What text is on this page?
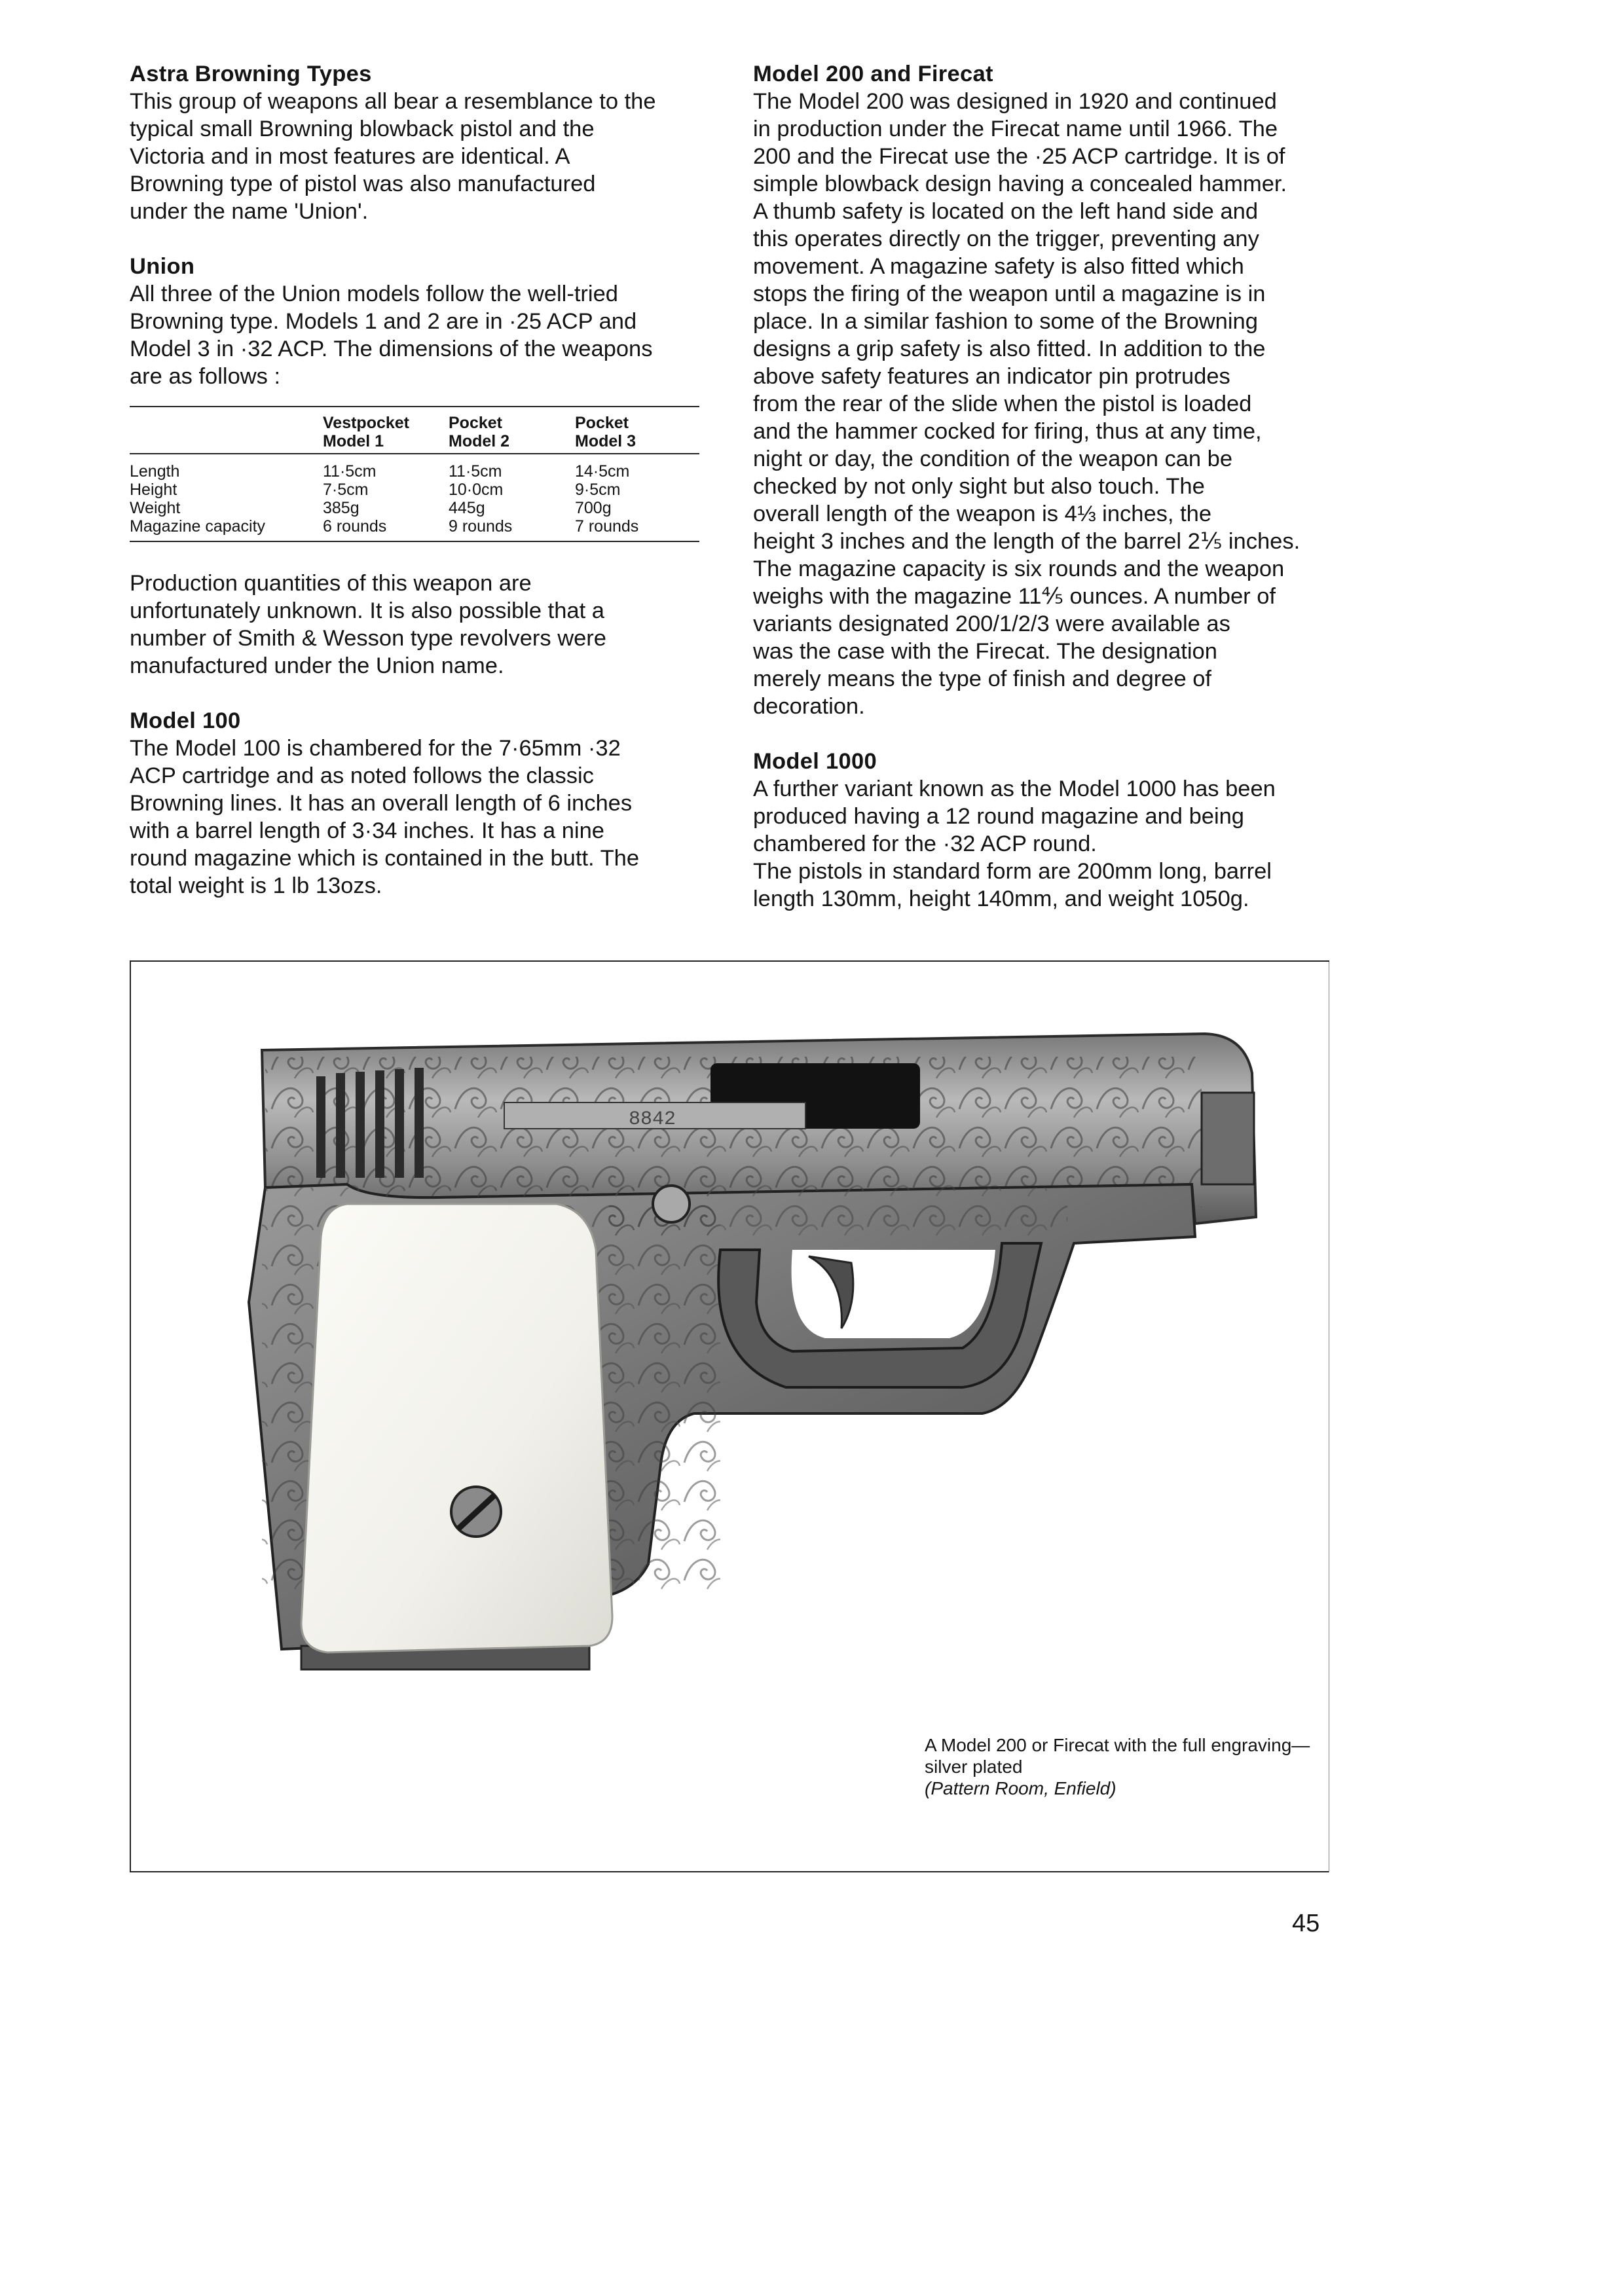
Astra Browning Types

This group of weapons all bear a resemblance to the

typical small Browning blowback pistol and the

Victoria and in most features are identical. A

Browning type of pistol was also manufactured

under the name 'Union'.

Union

All three of the Union models follow the well-tried

Browning type. Models 1 and 2 are in ·25 ACP and

Model 3 in ·32 ACP. The dimensions of the weapons

are as follows :

	Vestpocket
Model 1	Pocket
Model 2	Pocket
Model 3
Length	11·5cm	11·5cm	14·5cm
Height	7·5cm	10·0cm	9·5cm
Weight	385g	445g	700g
Magazine capacity	6 rounds	9 rounds	7 rounds

Production quantities of this weapon are

unfortunately unknown. It is also possible that a

number of Smith & Wesson type revolvers were

manufactured under the Union name.

Model 100

The Model 100 is chambered for the 7·65mm ·32

ACP cartridge and as noted follows the classic

Browning lines. It has an overall length of 6 inches

with a barrel length of 3·34 inches. It has a nine

round magazine which is contained in the butt. The

total weight is 1 lb 13ozs.

Model 200 and Firecat

The Model 200 was designed in 1920 and continued

in production under the Firecat name until 1966. The

200 and the Firecat use the ·25 ACP cartridge. It is of

simple blowback design having a concealed hammer.

A thumb safety is located on the left hand side and

this operates directly on the trigger, preventing any

movement. A magazine safety is also fitted which

stops the firing of the weapon until a magazine is in

place. In a similar fashion to some of the Browning

designs a grip safety is also fitted. In addition to the

above safety features an indicator pin protrudes

from the rear of the slide when the pistol is loaded

and the hammer cocked for firing, thus at any time,

night or day, the condition of the weapon can be

checked by not only sight but also touch. The

overall length of the weapon is 4⅓ inches, the

height 3 inches and the length of the barrel 2⅕ inches.

The magazine capacity is six rounds and the weapon

weighs with the magazine 11⅘ ounces. A number of

variants designated 200/1/2/3 were available as

was the case with the Firecat. The designation

merely means the type of finish and degree of

decoration.

Model 1000

A further variant known as the Model 1000 has been

produced having a 12 round magazine and being

chambered for the ·32 ACP round.

The pistols in standard form are 200mm long, barrel

length 130mm, height 140mm, and weight 1050g.

8842
A Model 200 or Firecat with the full engraving—
silver plated
(Pattern Room, Enfield)
45
